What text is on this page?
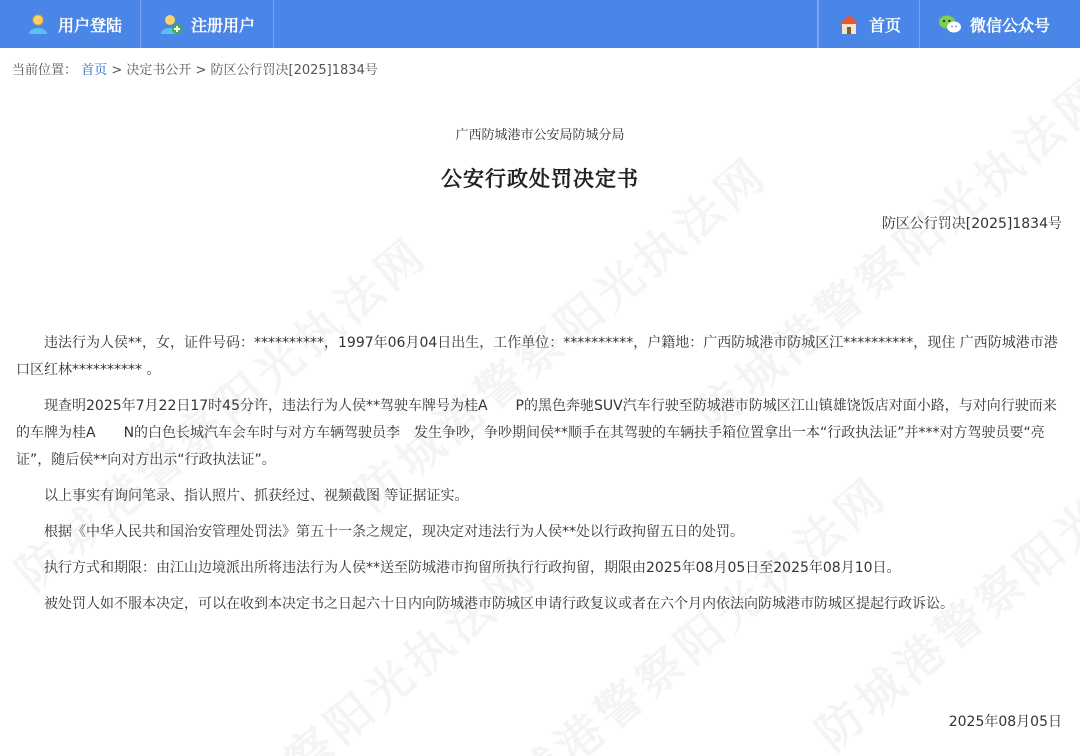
用户登陆	注册用户	首页	微信公众号
当前位置： 首页 > 决定书公开 > 防区公行罚决[2025]1834号
广西防城港市公安局防城分局
公安行政处罚决定书
防区公行罚决[2025]1834号

违法行为人侯**，女，证件号码：**********，1997年06月04日出生，工作单位：**********，户籍地：广西防城港市防城区江**********，现住 广西防城港市港口区红林********** 。

现查明2025年7月22日17时45分许，违法行为人侯**驾驶车牌号为桂A　　P的黑色奔驰SUV汽车行驶至防城港市防城区江山镇雄饶饭店对面小路，与对向行驶而来的车牌为桂A　　N的白色长城汽车会车时与对方车辆驾驶员李　发生争吵，争吵期间侯**顺手在其驾驶的车辆扶手箱位置拿出一本“行政执法证”并***对方驾驶员要“亮证”，随后侯**向对方出示“行政执法证”。

以上事实有询问笔录、指认照片、抓获经过、视频截图 等证据证实。

根据《中华人民共和国治安管理处罚法》第五十一条之规定，现决定对违法行为人侯**处以行政拘留五日的处罚。

执行方式和期限：由江山边境派出所将违法行为人侯**送至防城港市拘留所执行行政拘留，期限由2025年08月05日至2025年08月10日。

被处罚人如不服本决定，可以在收到本决定书之日起六十日内向防城港市防城区申请行政复议或者在六个月内依法向防城港市防城区提起行政诉讼。

2025年08月05日
